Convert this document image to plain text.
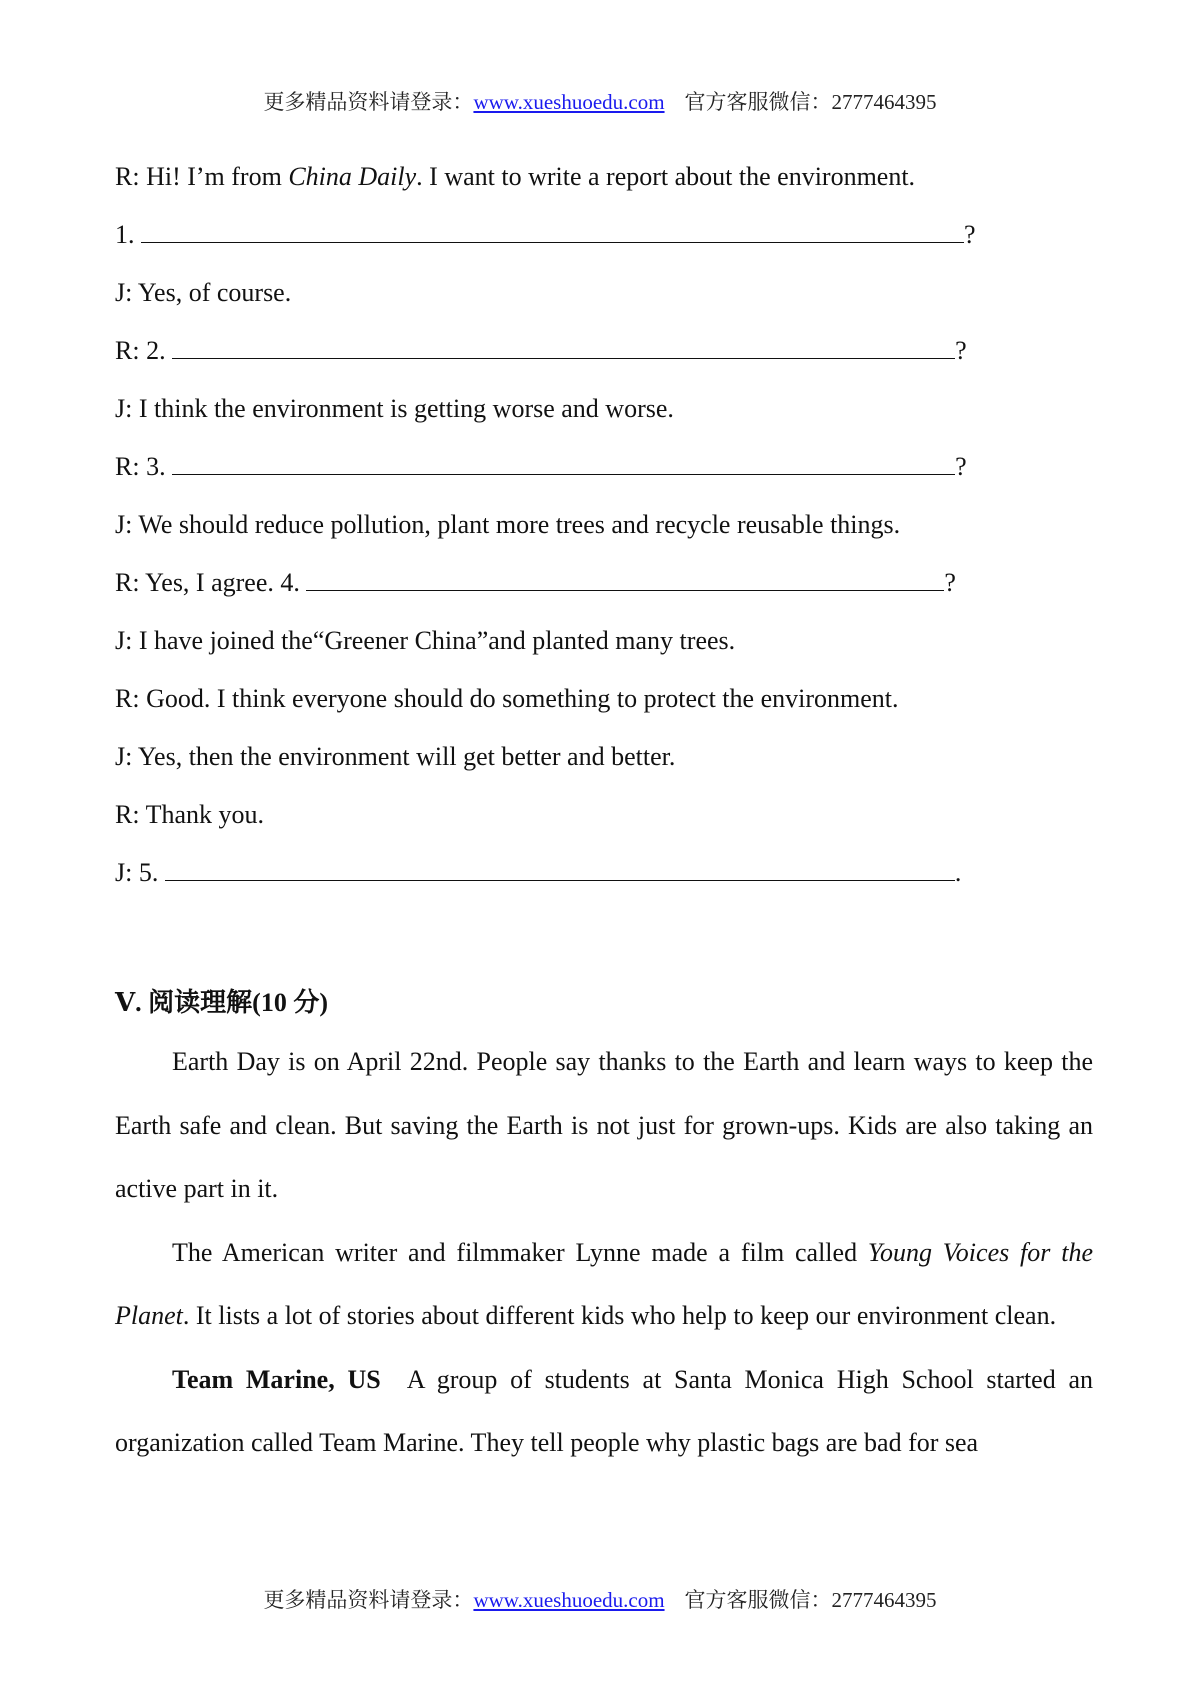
更多精品资料请登录：www.xueshuoedu.com 官方客服微信：2777464395
R: Hi! I’m from China Daily. I want to write a report about the environment.
1.	?
J: Yes, of course.
R: 2.	?
J: I think the environment is getting worse and worse.
R: 3.	?
J: We should reduce pollution, plant more trees and recycle reusable things.
R: Yes, I agree. 4.	?
J: I have joined the“Greener China”and planted many trees.
R: Good. I think everyone should do something to protect the environment.
J: Yes, then the environment will get better and better.
R: Thank you.
J: 5.	.
Ⅴ. 阅读理解(10 分)

Earth Day is on April 22nd. People say thanks to the Earth and learn ways to keep the Earth safe and clean. But saving the Earth is not just for grown-ups. Kids are also taking an active part in it.

The American writer and filmmaker Lynne made a film called Young Voices for the Planet. It lists a lot of stories about different kids who help to keep our environment clean.

Team Marine, US  A group of students at Santa Monica High School started an organization called Team Marine. They tell people why plastic bags are bad for sea

更多精品资料请登录：www.xueshuoedu.com 官方客服微信：2777464395
